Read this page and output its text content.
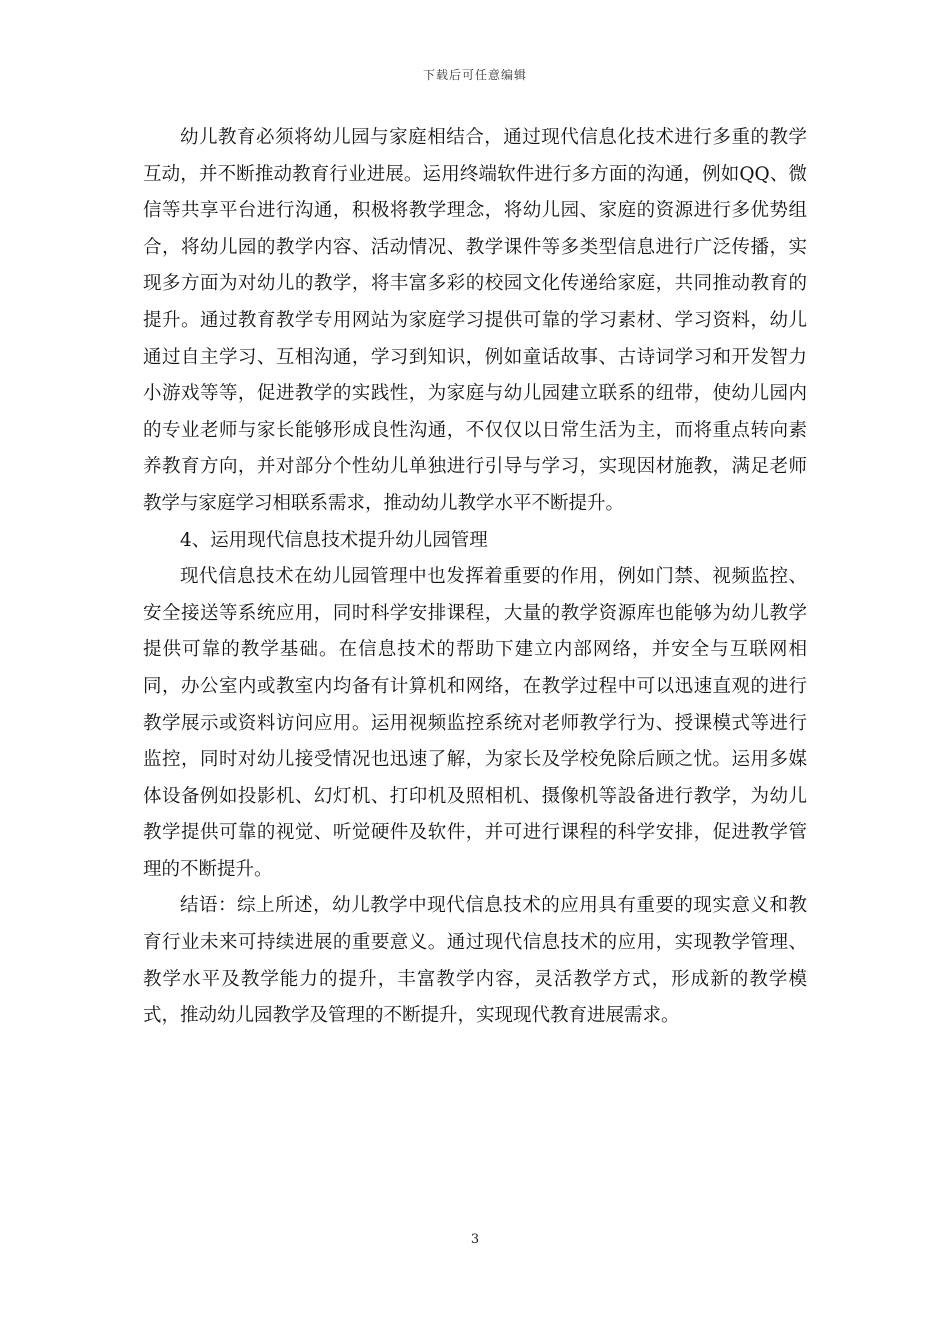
下载后可任意编辑

幼儿教育必须将幼儿园与家庭相结合，通过现代信息化技术进行多重的教学互动，并不断推动教育行业进展。运用终端软件进行多方面的沟通，例如QQ、微信等共享平台进行沟通，积极将教学理念，将幼儿园、家庭的资源进行多优势组合，将幼儿园的教学内容、活动情况、教学课件等多类型信息进行广泛传播，实现多方面为对幼儿的教学，将丰富多彩的校园文化传递给家庭，共同推动教育的提升。通过教育教学专用网站为家庭学习提供可靠的学习素材、学习资料，幼儿通过自主学习、互相沟通，学习到知识，例如童话故事、古诗词学习和开发智力小游戏等等，促进教学的实践性，为家庭与幼儿园建立联系的纽带，使幼儿园内的专业老师与家长能够形成良性沟通，不仅仅以日常生活为主，而将重点转向素养教育方向，并对部分个性幼儿单独进行引导与学习，实现因材施教，满足老师教学与家庭学习相联系需求，推动幼儿教学水平不断提升。

4、运用现代信息技术提升幼儿园管理

现代信息技术在幼儿园管理中也发挥着重要的作用，例如门禁、视频监控、安全接送等系统应用，同时科学安排课程，大量的教学资源库也能够为幼儿教学提供可靠的教学基础。在信息技术的帮助下建立内部网络，并安全与互联网相同，办公室内或教室内均备有计算机和网络，在教学过程中可以迅速直观的进行教学展示或资料访问应用。运用视频监控系统对老师教学行为、授课模式等进行监控，同时对幼儿接受情况也迅速了解，为家长及学校免除后顾之忧。运用多媒体设备例如投影机、幻灯机、打印机及照相机、摄像机等設备进行教学，为幼儿教学提供可靠的视觉、听觉硬件及软件，并可进行课程的科学安排，促进教学管理的不断提升。

结语：综上所述，幼儿教学中现代信息技术的应用具有重要的现实意义和教育行业未来可持续进展的重要意义。通过现代信息技术的应用，实现教学管理、教学水平及教学能力的提升，丰富教学内容，灵活教学方式，形成新的教学模式，推动幼儿园教学及管理的不断提升，实现现代教育进展需求。

3
